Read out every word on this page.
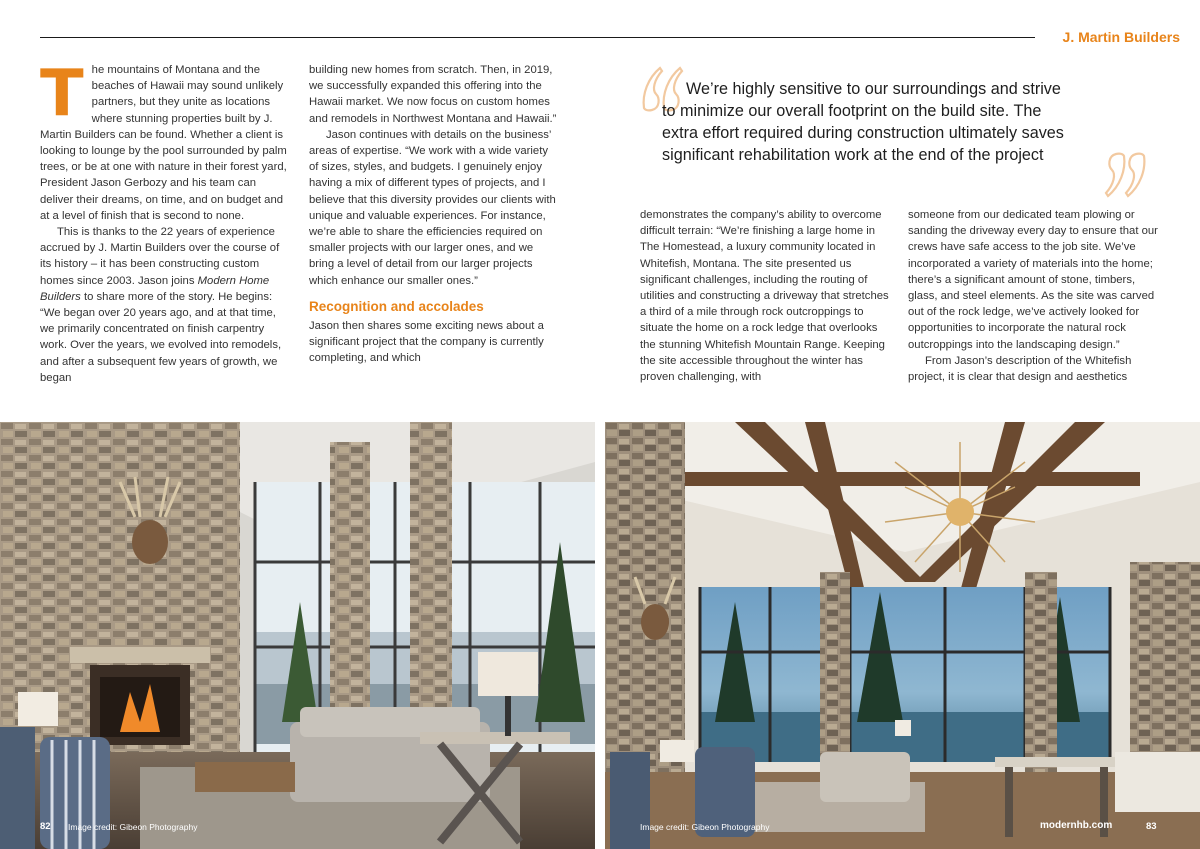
J. Martin Builders
T he mountains of Montana and the beaches of Hawaii may sound unlikely partners, but they unite as locations where stunning properties built by J. Martin Builders can be found. Whether a client is looking to lounge by the pool surrounded by palm trees, or be at one with nature in their forest yard, President Jason Gerbozy and his team can deliver their dreams, on time, and on budget and at a level of finish that is second to none.

This is thanks to the 22 years of experience accrued by J. Martin Builders over the course of its history – it has been constructing custom homes since 2003. Jason joins Modern Home Builders to share more of the story. He begins: “We began over 20 years ago, and at that time, we primarily concentrated on finish carpentry work. Over the years, we evolved into remodels, and after a subsequent few years of growth, we began

building new homes from scratch. Then, in 2019, we successfully expanded this offering into the Hawaii market. We now focus on custom homes and remodels in Northwest Montana and Hawaii.”

Jason continues with details on the business’ areas of expertise. “We work with a wide variety of sizes, styles, and budgets. I genuinely enjoy having a mix of different types of projects, and I believe that this diversity provides our clients with unique and valuable experiences. For instance, we’re able to share the efficiencies required on smaller projects with our larger ones, and we bring a level of detail from our larger projects which enhance our smaller ones.”

Recognition and accolades

Jason then shares some exciting news about a significant project that the company is currently completing, and which

We’re highly sensitive to our surroundings and strive
to minimize our overall footprint on the build site. The
extra effort required during construction ultimately saves
significant rehabilitation work at the end of the project

demonstrates the company’s ability to overcome difficult terrain: “We’re finishing a large home in The Homestead, a luxury community located in Whitefish, Montana. The site presented us significant challenges, including the routing of utilities and constructing a driveway that stretches a third of a mile through rock outcroppings to situate the home on a rock ledge that overlooks the stunning Whitefish Mountain Range. Keeping the site accessible throughout the winter has proven challenging, with

someone from our dedicated team plowing or sanding the driveway every day to ensure that our crews have safe access to the job site. We’ve incorporated a variety of materials into the home; there’s a significant amount of stone, timbers, glass, and steel elements. As the site was carved out of the rock ledge, we’ve actively looked for opportunities to incorporate the natural rock outcroppings into the landscaping design.”

From Jason’s description of the Whitefish project, it is clear that design and aesthetics

82 Image credit: Gibeon Photography	Image credit: Gibeon Photography	modernhb.com	83
